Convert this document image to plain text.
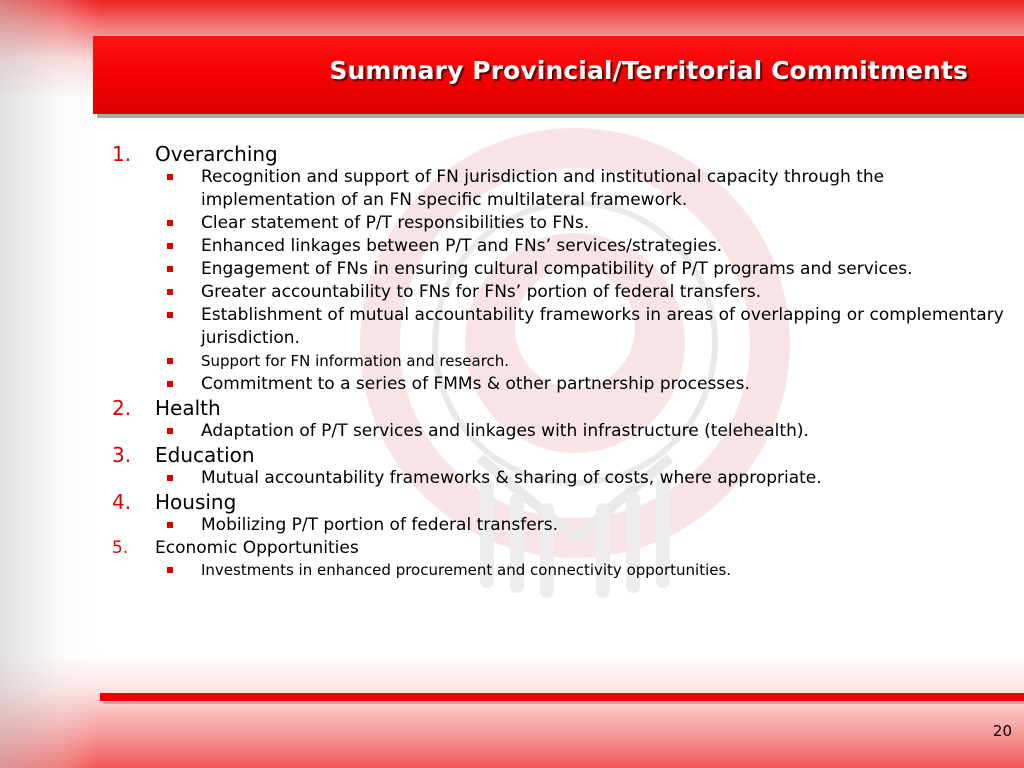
Summary Provincial/Territorial Commitments
1. Overarching
Recognition and support of FN jurisdiction and institutional capacity through the implementation of an FN specific multilateral framework.
Clear statement of P/T responsibilities to FNs.
Enhanced linkages between P/T and FNs’ services/strategies.
Engagement of FNs in ensuring cultural compatibility of P/T programs and services.
Greater accountability to FNs for FNs’ portion of federal transfers.
Establishment of mutual accountability frameworks in areas of overlapping or complementary jurisdiction.
Support for FN information and research.
Commitment to a series of FMMs & other partnership processes.
2. Health
Adaptation of P/T services and linkages with infrastructure (telehealth).
3. Education
Mutual accountability frameworks & sharing of costs, where appropriate.
4. Housing
Mobilizing P/T portion of federal transfers.
5. Economic Opportunities
Investments in enhanced procurement and connectivity opportunities.
20
